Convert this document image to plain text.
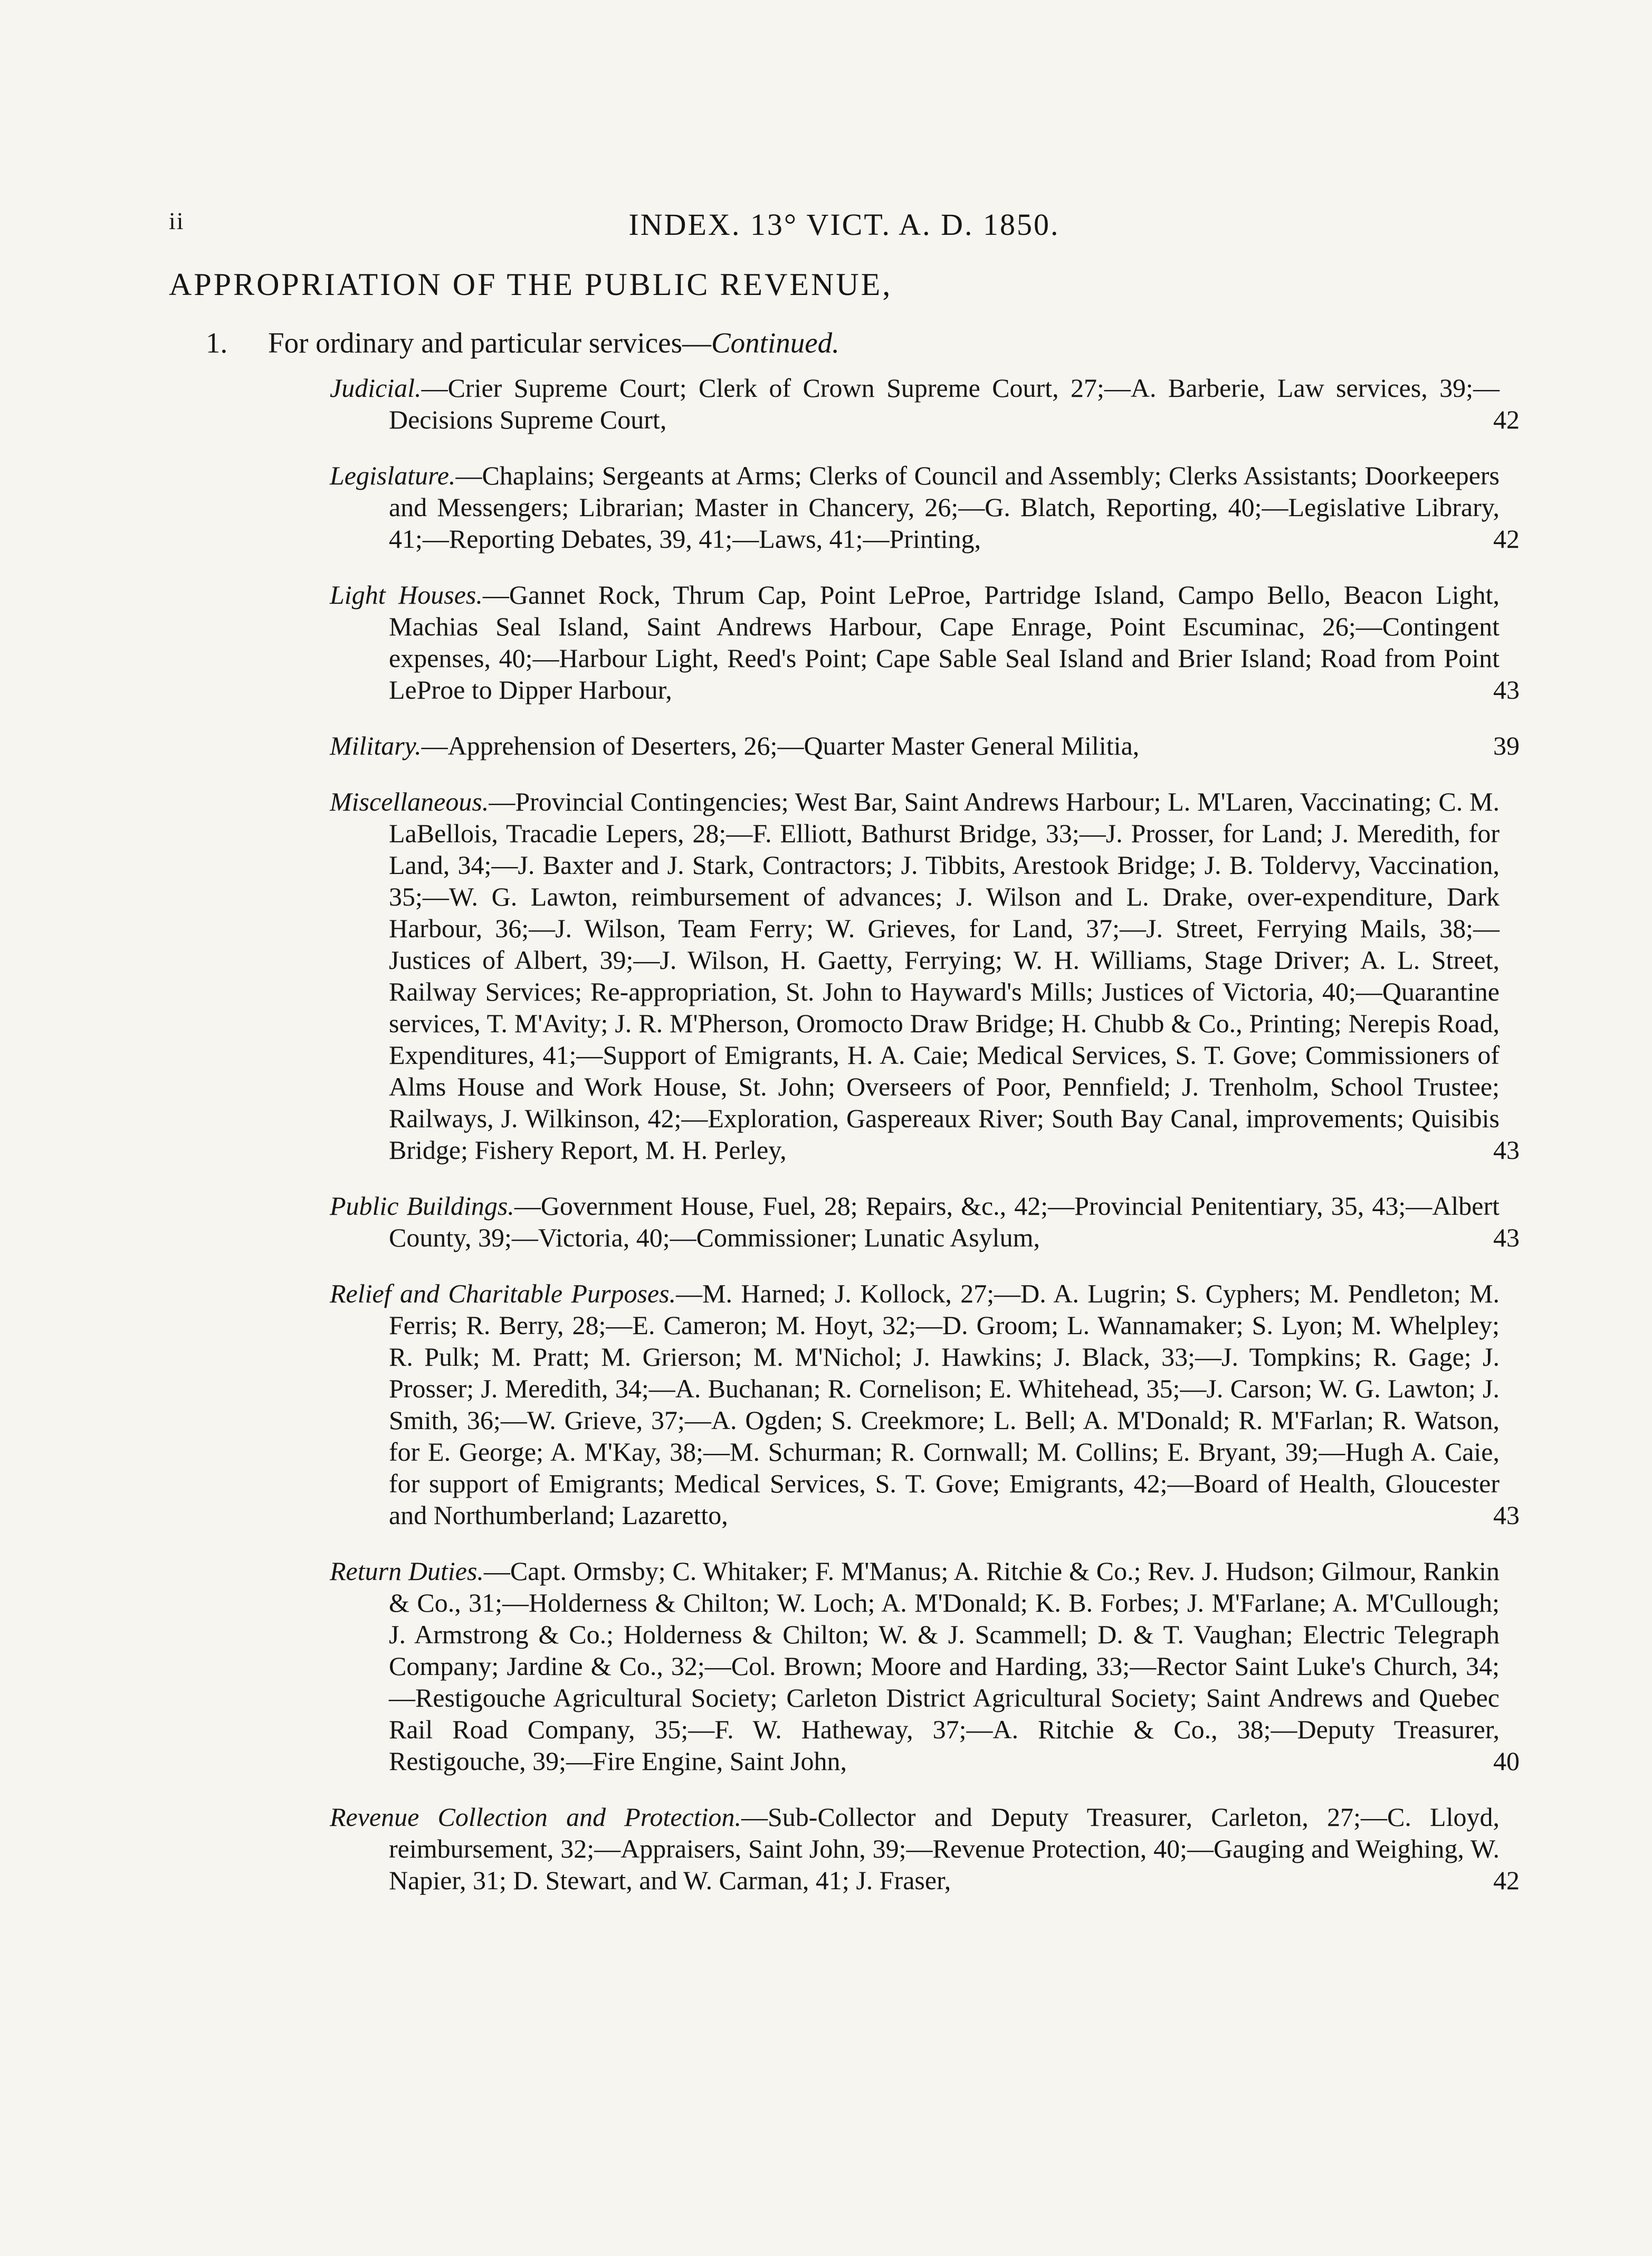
ii	INDEX. 13° VICT. A. D. 1850.
APPROPRIATION OF THE PUBLIC REVENUE,
1. For ordinary and particular services—Continued.
Judicial.—Crier Supreme Court; Clerk of Crown Supreme Court, 27;—A. Barberie, Law services, 39;—Decisions Supreme Court,	42
Legislature.—Chaplains; Sergeants at Arms; Clerks of Council and Assembly; Clerks Assistants; Doorkeepers and Messengers; Librarian; Master in Chancery, 26;—G. Blatch, Reporting, 40;—Legislative Library, 41;—Reporting Debates, 39, 41;—Laws, 41;—Printing,	42
Light Houses.—Gannet Rock, Thrum Cap, Point LeProe, Partridge Island, Campo Bello, Beacon Light, Machias Seal Island, Saint Andrews Harbour, Cape Enrage, Point Escuminac, 26;—Contingent expenses, 40;—Harbour Light, Reed's Point; Cape Sable Seal Island and Brier Island; Road from Point LeProe to Dipper Harbour,	43
Military.—Apprehension of Deserters, 26;—Quarter Master General Militia,	39
Miscellaneous.—Provincial Contingencies; West Bar, Saint Andrews Harbour; L. M'Laren, Vaccinating; C. M. LaBellois, Tracadie Lepers, 28;—F. Elliott, Bathurst Bridge, 33;—J. Prosser, for Land; J. Meredith, for Land, 34;—J. Baxter and J. Stark, Contractors; J. Tibbits, Arestook Bridge; J. B. Toldervy, Vaccination, 35;—W. G. Lawton, reimbursement of advances; J. Wilson and L. Drake, over-expenditure, Dark Harbour, 36;—J. Wilson, Team Ferry; W. Grieves, for Land, 37;—J. Street, Ferrying Mails, 38;—Justices of Albert, 39;—J. Wilson, H. Gaetty, Ferrying; W. H. Williams, Stage Driver; A. L. Street, Railway Services; Re-appropriation, St. John to Hayward's Mills; Justices of Victoria, 40;—Quarantine services, T. M'Avity; J. R. M'Pherson, Oromocto Draw Bridge; H. Chubb & Co., Printing; Nerepis Road, Expenditures, 41;—Support of Emigrants, H. A. Caie; Medical Services, S. T. Gove; Commissioners of Alms House and Work House, St. John; Overseers of Poor, Pennfield; J. Trenholm, School Trustee; Railways, J. Wilkinson, 42;—Exploration, Gaspereaux River; South Bay Canal, improvements; Quisibis Bridge; Fishery Report, M. H. Perley,	43
Public Buildings.—Government House, Fuel, 28; Repairs, &c., 42;—Provincial Penitentiary, 35, 43;—Albert County, 39;—Victoria, 40;—Commissioner; Lunatic Asylum,	43
Relief and Charitable Purposes.—M. Harned; J. Kollock, 27;—D. A. Lugrin; S. Cyphers; M. Pendleton; M. Ferris; R. Berry, 28;—E. Cameron; M. Hoyt, 32;—D. Groom; L. Wannamaker; S. Lyon; M. Whelpley; R. Pulk; M. Pratt; M. Grierson; M. M'Nichol; J. Hawkins; J. Black, 33;—J. Tompkins; R. Gage; J. Prosser; J. Meredith, 34;—A. Buchanan; R. Cornelison; E. Whitehead, 35;—J. Carson; W. G. Lawton; J. Smith, 36;—W. Grieve, 37;—A. Ogden; S. Creekmore; L. Bell; A. M'Donald; R. M'Farlan; R. Watson, for E. George; A. M'Kay, 38;—M. Schurman; R. Cornwall; M. Collins; E. Bryant, 39;—Hugh A. Caie, for support of Emigrants; Medical Services, S. T. Gove; Emigrants, 42;—Board of Health, Gloucester and Northumberland; Lazaretto,	43
Return Duties.—Capt. Ormsby; C. Whitaker; F. M'Manus; A. Ritchie & Co.; Rev. J. Hudson; Gilmour, Rankin & Co., 31;—Holderness & Chilton; W. Loch; A. M'Donald; K. B. Forbes; J. M'Farlane; A. M'Cullough; J. Armstrong & Co.; Holderness & Chilton; W. & J. Scammell; D. & T. Vaughan; Electric Telegraph Company; Jardine & Co., 32;—Col. Brown; Moore and Harding, 33;—Rector Saint Luke's Church, 34;—Restigouche Agricultural Society; Carleton District Agricultural Society; Saint Andrews and Quebec Rail Road Company, 35;—F. W. Hatheway, 37;—A. Ritchie & Co., 38;—Deputy Treasurer, Restigouche, 39;—Fire Engine, Saint John,	40
Revenue Collection and Protection.—Sub-Collector and Deputy Treasurer, Carleton, 27;—C. Lloyd, reimbursement, 32;—Appraisers, Saint John, 39;—Revenue Protection, 40;—Gauging and Weighing, W. Napier, 31; D. Stewart, and W. Carman, 41; J. Fraser,	42
